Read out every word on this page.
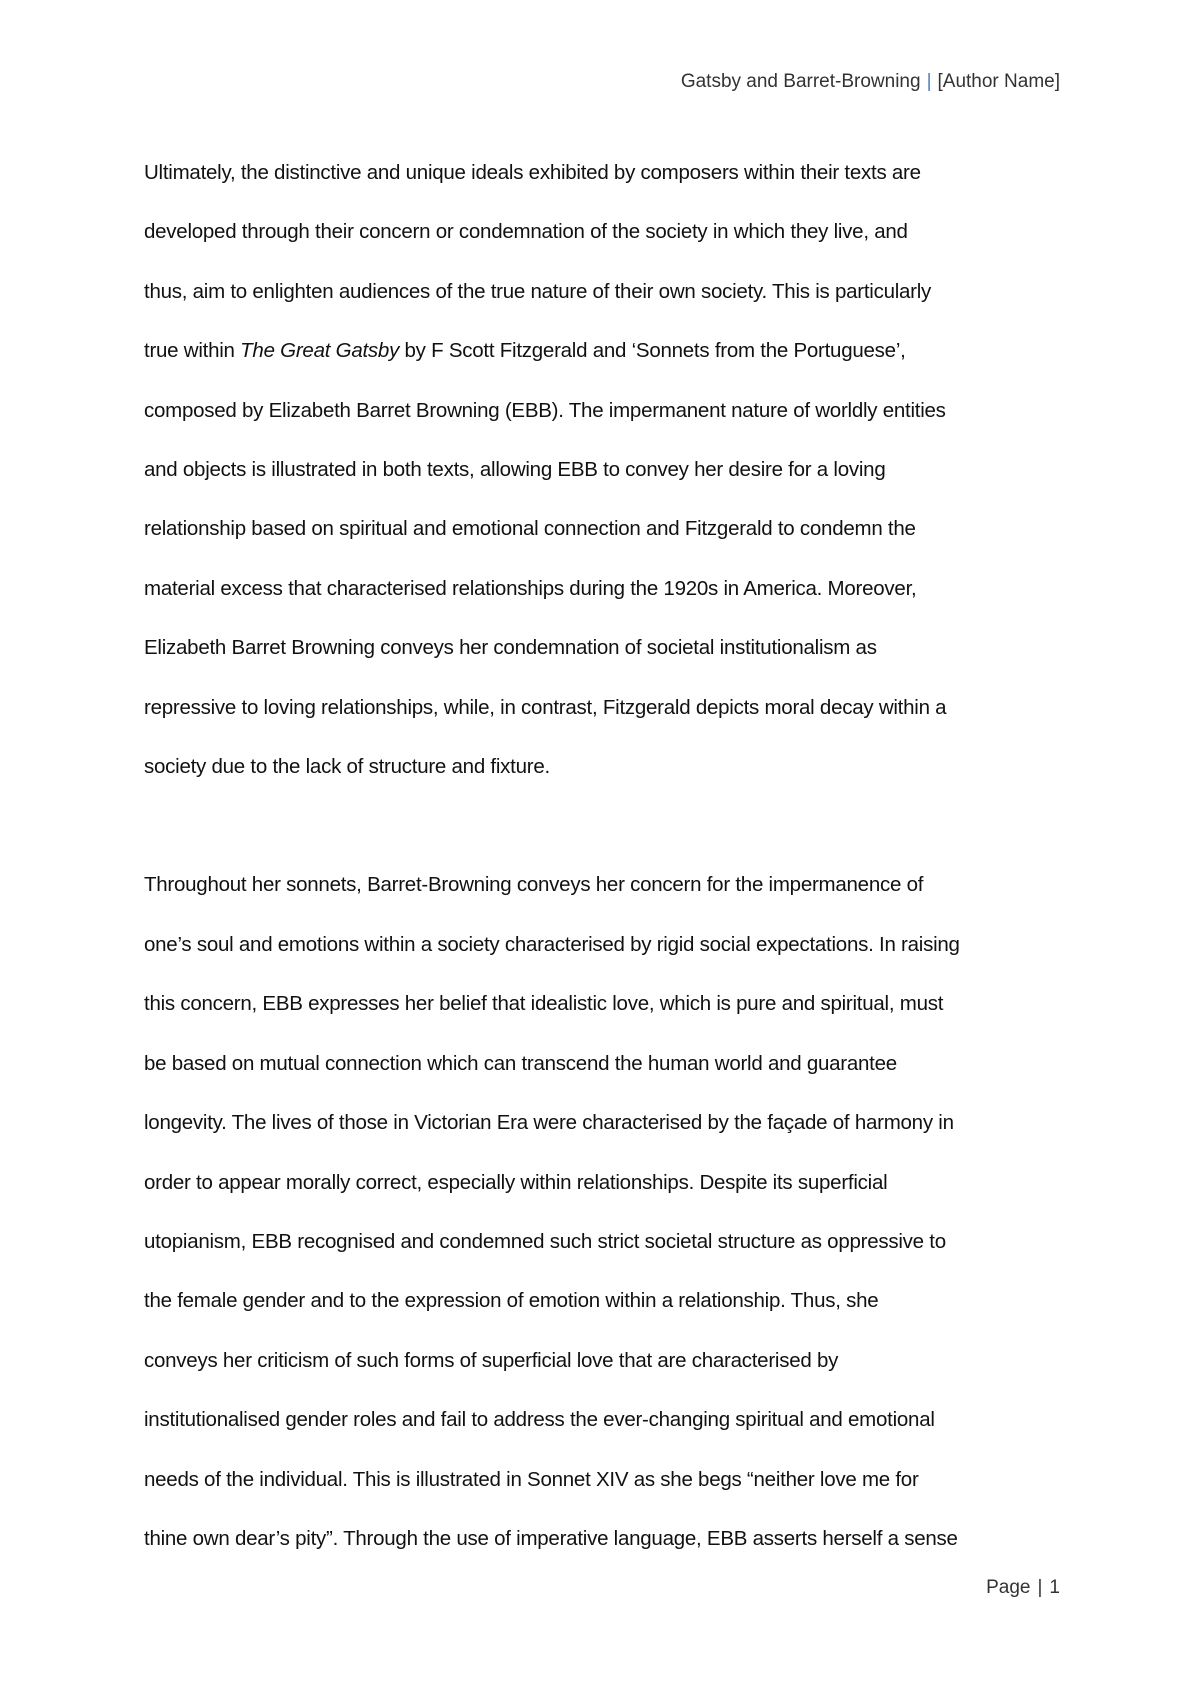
Gatsby and Barret-Browning | [Author Name]

Ultimately, the distinctive and unique ideals exhibited by composers within their texts are
developed through their concern or condemnation of the society in which they live, and
thus, aim to enlighten audiences of the true nature of their own society. This is particularly
true within The Great Gatsby by F Scott Fitzgerald and ‘Sonnets from the Portuguese’,
composed by Elizabeth Barret Browning (EBB). The impermanent nature of worldly entities
and objects is illustrated in both texts, allowing EBB to convey her desire for a loving
relationship based on spiritual and emotional connection and Fitzgerald to condemn the
material excess that characterised relationships during the 1920s in America. Moreover,
Elizabeth Barret Browning conveys her condemnation of societal institutionalism as
repressive to loving relationships, while, in contrast, Fitzgerald depicts moral decay within a
society due to the lack of structure and fixture.

Throughout her sonnets, Barret-Browning conveys her concern for the impermanence of
one’s soul and emotions within a society characterised by rigid social expectations. In raising
this concern, EBB expresses her belief that idealistic love, which is pure and spiritual, must
be based on mutual connection which can transcend the human world and guarantee
longevity. The lives of those in Victorian Era were characterised by the façade of harmony in
order to appear morally correct, especially within relationships. Despite its superficial
utopianism, EBB recognised and condemned such strict societal structure as oppressive to
the female gender and to the expression of emotion within a relationship. Thus, she
conveys her criticism of such forms of superficial love that are characterised by
institutionalised gender roles and fail to address the ever-changing spiritual and emotional
needs of the individual. This is illustrated in Sonnet XIV as she begs “neither love me for
thine own dear’s pity”. Through the use of imperative language, EBB asserts herself a sense

Page | 1
